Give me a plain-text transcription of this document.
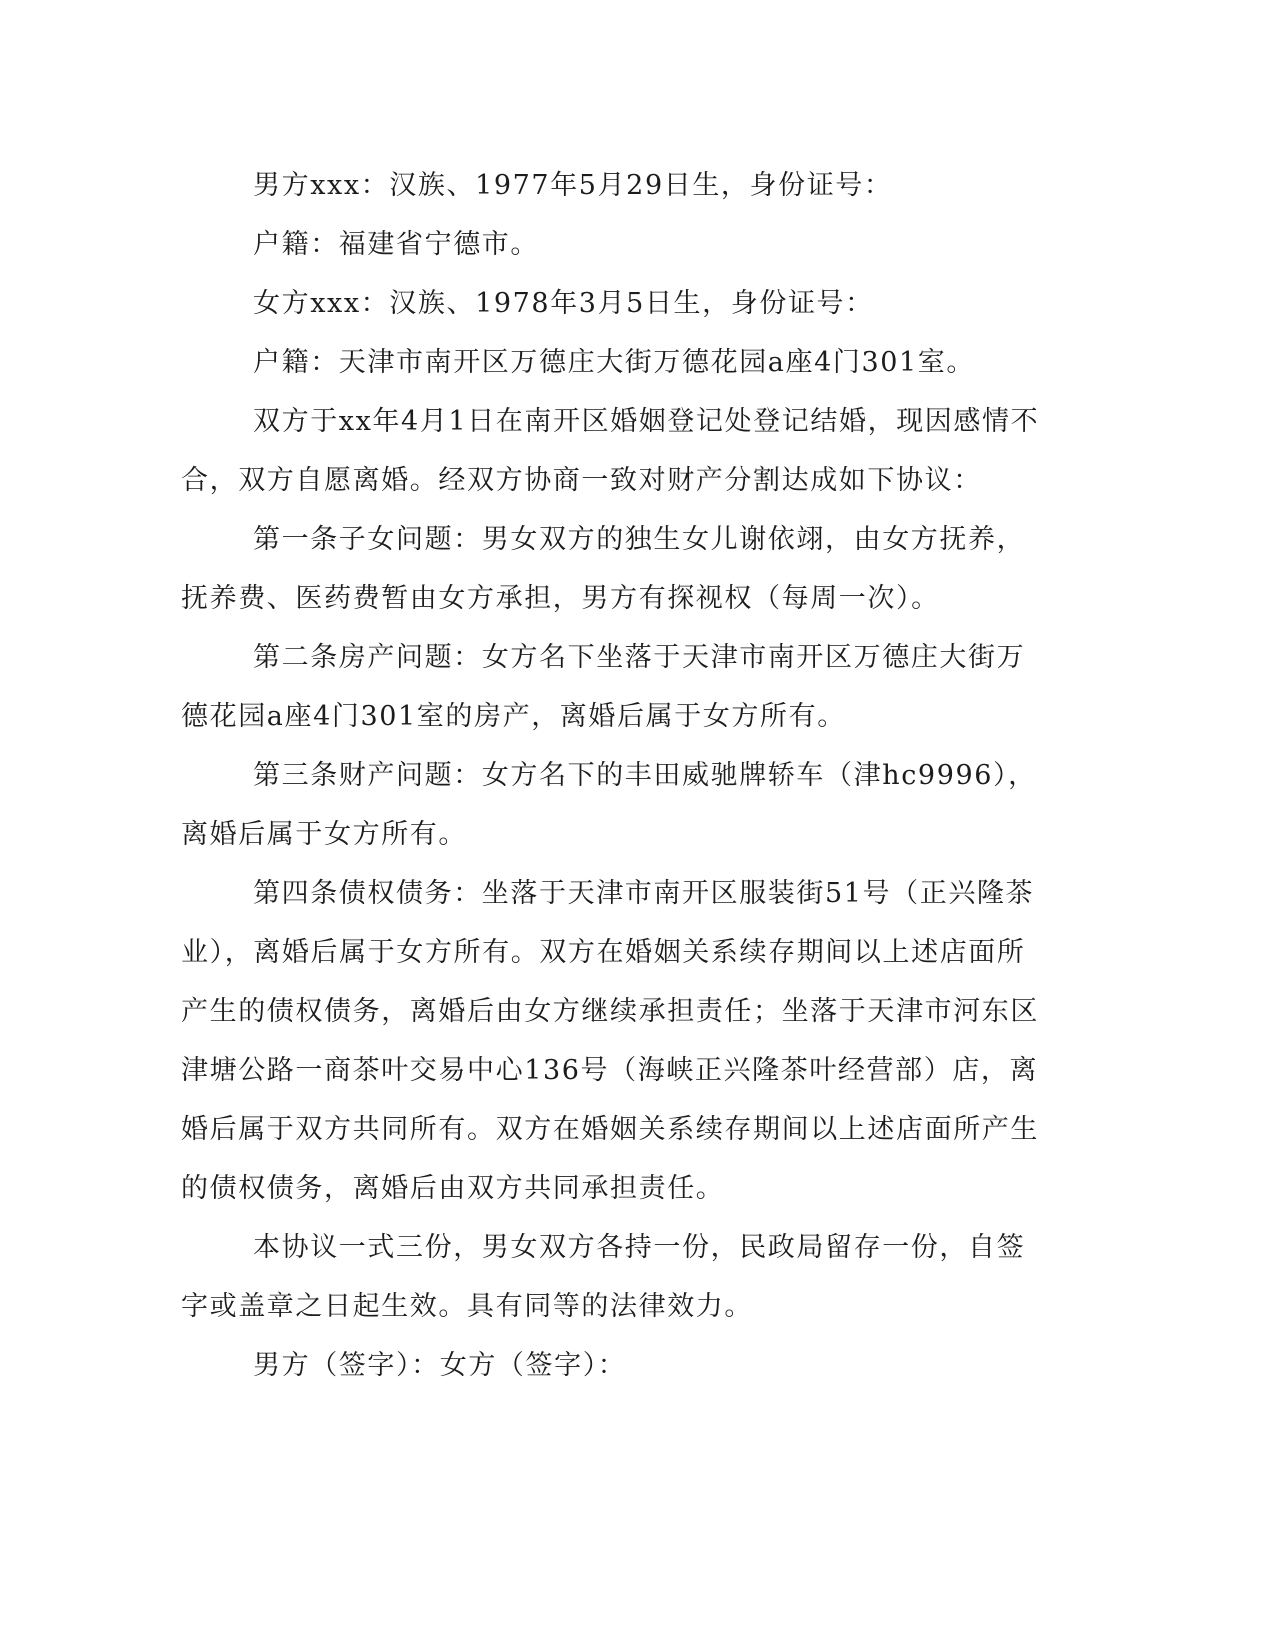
男方xxx：汉族、1977年5月29日生，身份证号：

户籍：福建省宁德市。

女方xxx：汉族、1978年3月5日生，身份证号：

户籍：天津市南开区万德庄大街万德花园a座4门301室。

双方于xx年4月1日在南开区婚姻登记处登记结婚，现因感情不合，双方自愿离婚。经双方协商一致对财产分割达成如下协议：

第一条子女问题：男女双方的独生女儿谢依翊，由女方抚养，抚养费、医药费暂由女方承担，男方有探视权（每周一次）。

第二条房产问题：女方名下坐落于天津市南开区万德庄大街万德花园a座4门301室的房产，离婚后属于女方所有。

第三条财产问题：女方名下的丰田威驰牌轿车（津hc9996），离婚后属于女方所有。

第四条债权债务：坐落于天津市南开区服装街51号（正兴隆茶业），离婚后属于女方所有。双方在婚姻关系续存期间以上述店面所产生的债权债务，离婚后由女方继续承担责任；坐落于天津市河东区津塘公路一商茶叶交易中心136号（海峡正兴隆茶叶经营部）店，离婚后属于双方共同所有。双方在婚姻关系续存期间以上述店面所产生的债权债务，离婚后由双方共同承担责任。

本协议一式三份，男女双方各持一份，民政局留存一份，自签字或盖章之日起生效。具有同等的法律效力。

男方（签字）：女方（签字）：
